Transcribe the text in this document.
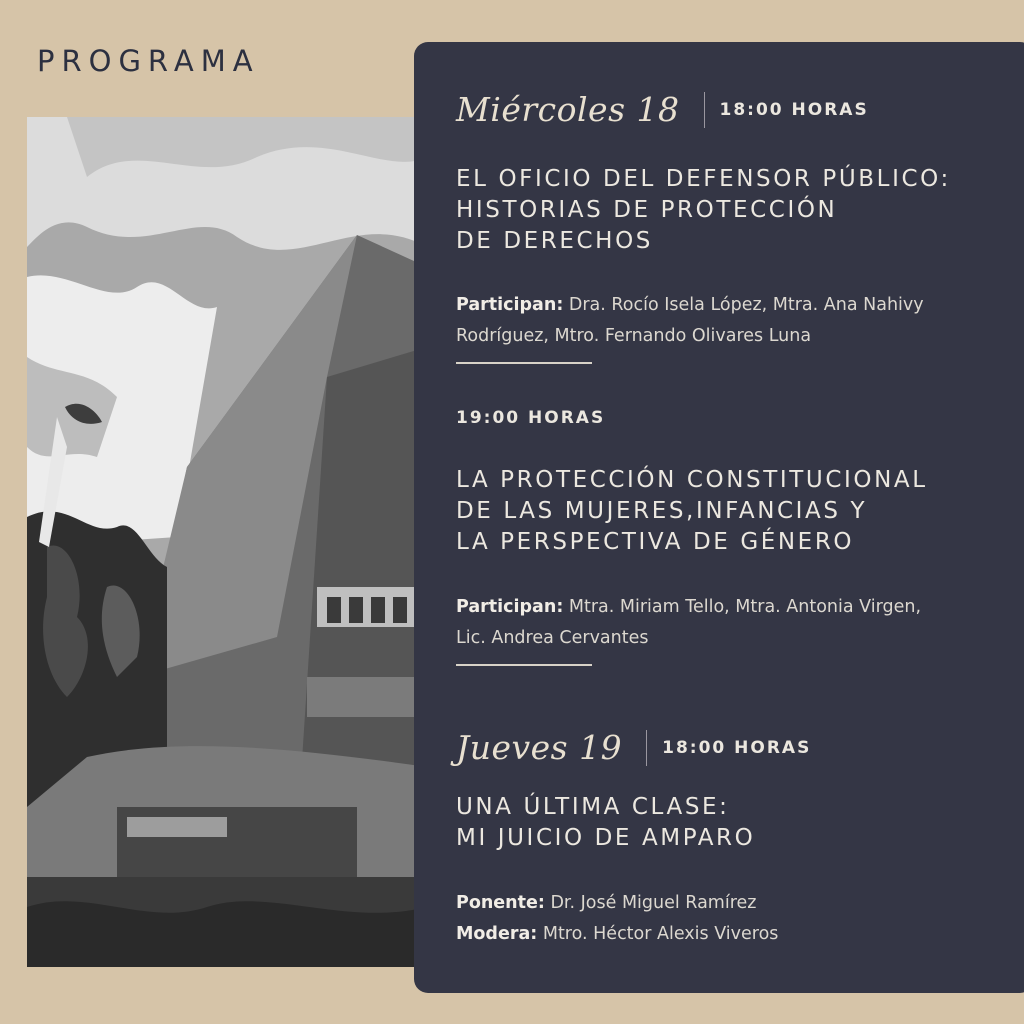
PROGRAMA
Miércoles 18 18:00 HORAS
EL OFICIO DEL DEFENSOR PÚBLICO:
HISTORIAS DE PROTECCIÓN
DE DERECHOS

Participan: Dra. Rocío Isela López, Mtra. Ana Nahivy
Rodríguez, Mtro. Fernando Olivares Luna

19:00 HORAS
LA PROTECCIÓN CONSTITUCIONAL
DE LAS MUJERES,INFANCIAS Y
LA PERSPECTIVA DE GÉNERO

Participan: Mtra. Miriam Tello, Mtra. Antonia Virgen,
Lic. Andrea Cervantes

Jueves 19 18:00 HORAS
UNA ÚLTIMA CLASE:
MI JUICIO DE AMPARO

Ponente: Dr. José Miguel Ramírez
Modera: Mtro. Héctor Alexis Viveros
